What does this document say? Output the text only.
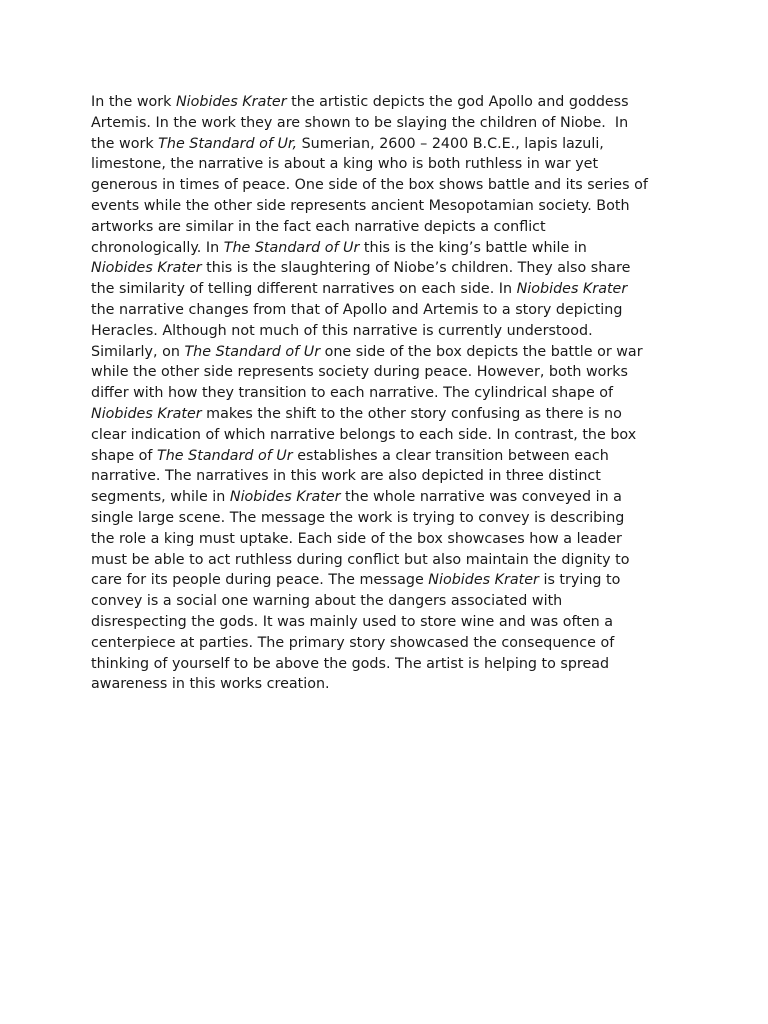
In the work Niobides Krater the artistic depicts the god Apollo and goddess
Artemis. In the work they are shown to be slaying the children of Niobe.  In
the work The Standard of Ur, Sumerian, 2600 – 2400 B.C.E., lapis lazuli,
limestone, the narrative is about a king who is both ruthless in war yet
generous in times of peace. One side of the box shows battle and its series of
events while the other side represents ancient Mesopotamian society. Both
artworks are similar in the fact each narrative depicts a conflict
chronologically. In The Standard of Ur this is the king’s battle while in
Niobides Krater this is the slaughtering of Niobe’s children. They also share
the similarity of telling different narratives on each side. In Niobides Krater
the narrative changes from that of Apollo and Artemis to a story depicting
Heracles. Although not much of this narrative is currently understood.
Similarly, on The Standard of Ur one side of the box depicts the battle or war
while the other side represents society during peace. However, both works
differ with how they transition to each narrative. The cylindrical shape of
Niobides Krater makes the shift to the other story confusing as there is no
clear indication of which narrative belongs to each side. In contrast, the box
shape of The Standard of Ur establishes a clear transition between each
narrative. The narratives in this work are also depicted in three distinct
segments, while in Niobides Krater the whole narrative was conveyed in a
single large scene. The message the work is trying to convey is describing
the role a king must uptake. Each side of the box showcases how a leader
must be able to act ruthless during conflict but also maintain the dignity to
care for its people during peace. The message Niobides Krater is trying to
convey is a social one warning about the dangers associated with
disrespecting the gods. It was mainly used to store wine and was often a
centerpiece at parties. The primary story showcased the consequence of
thinking of yourself to be above the gods. The artist is helping to spread
awareness in this works creation.
